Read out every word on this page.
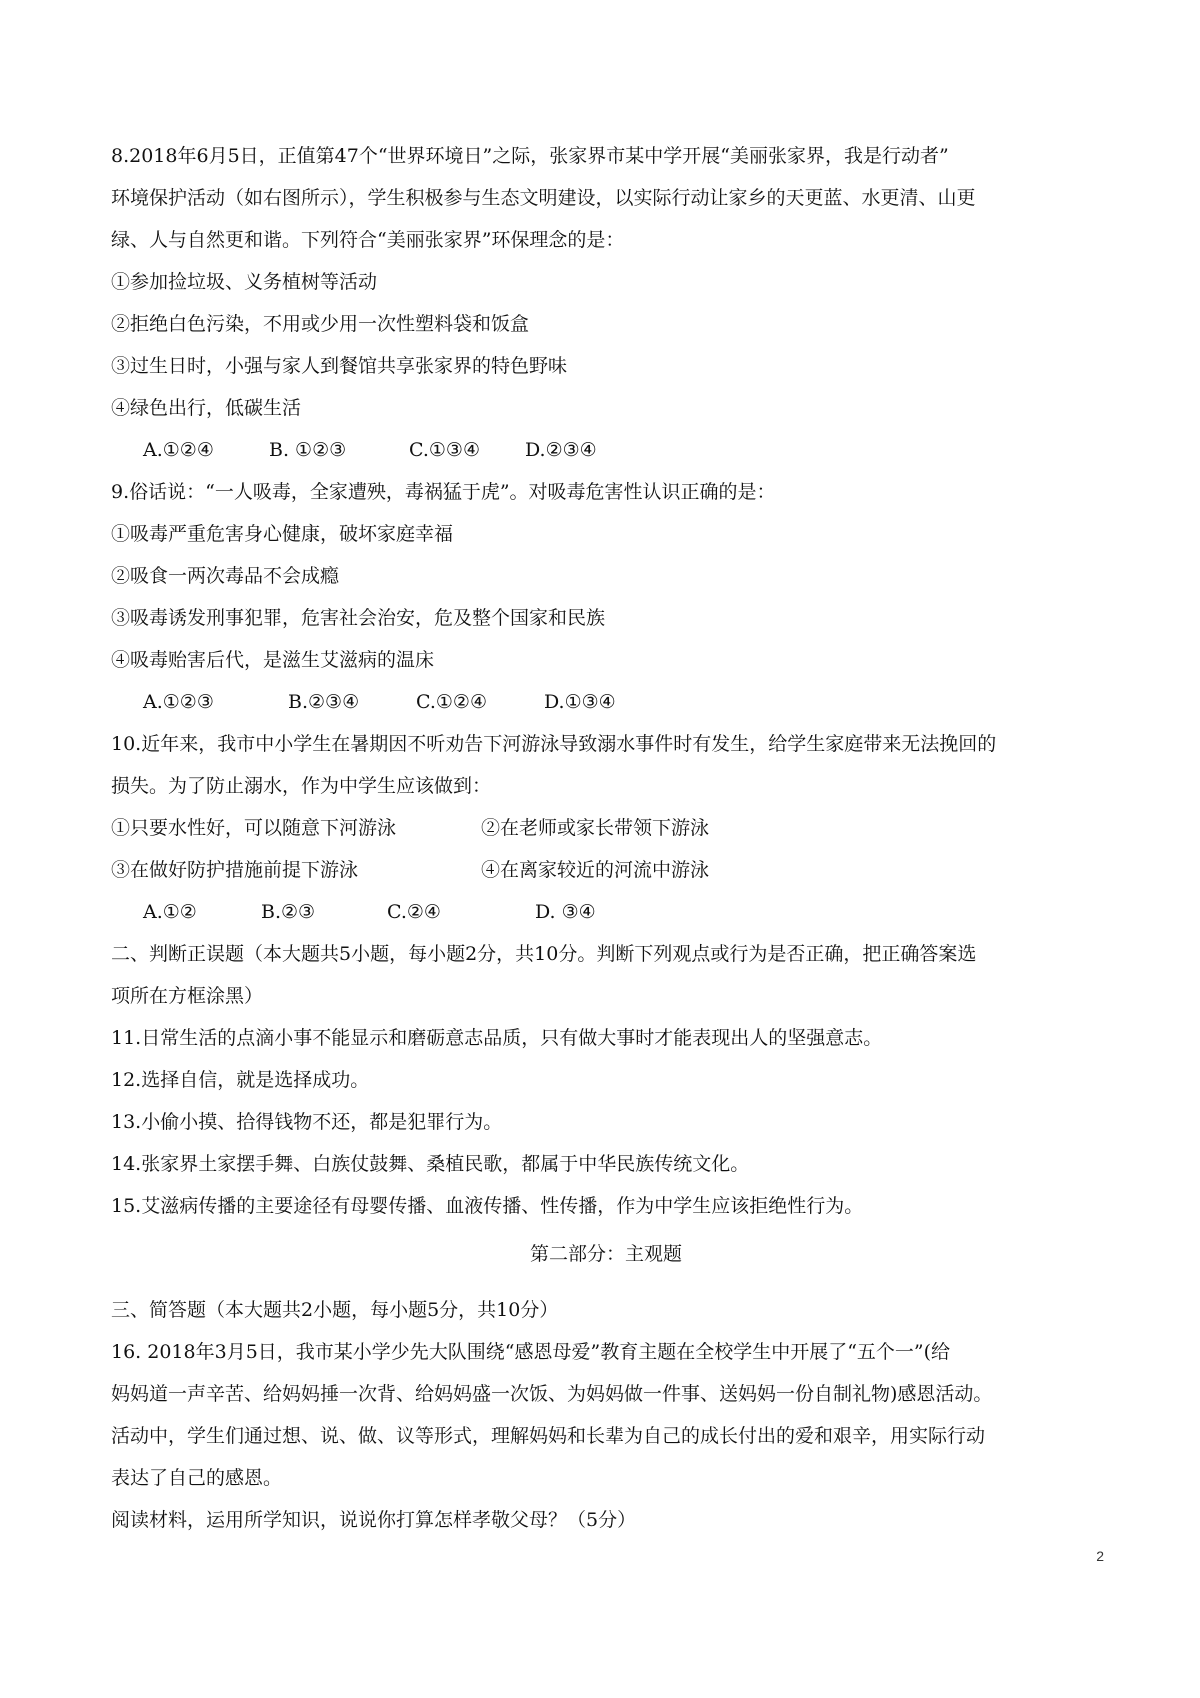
8.2018年6月5日，正值第47个“世界环境日”之际，张家界市某中学开展“美丽张家界，我是行动者”
环境保护活动（如右图所示），学生积极参与生态文明建设，以实际行动让家乡的天更蓝、水更清、山更
绿、人与自然更和谐。下列符合“美丽张家界”环保理念的是：
①参加捡垃圾、义务植树等活动
②拒绝白色污染，不用或少用一次性塑料袋和饭盒
③过生日时，小强与家人到餐馆共享张家界的特色野味
④绿色出行，低碳生活
A.①②④	B. ①②③	C.①③④	D.②③④
9.俗话说：“一人吸毒，全家遭殃，毒祸猛于虎”。对吸毒危害性认识正确的是：
①吸毒严重危害身心健康，破坏家庭幸福
②吸食一两次毒品不会成瘾
③吸毒诱发刑事犯罪，危害社会治安，危及整个国家和民族
④吸毒贻害后代，是滋生艾滋病的温床
A.①②③	B.②③④	C.①②④	D.①③④
10.近年来，我市中小学生在暑期因不听劝告下河游泳导致溺水事件时有发生，给学生家庭带来无法挽回的
损失。为了防止溺水，作为中学生应该做到：
①只要水性好，可以随意下河游泳	②在老师或家长带领下游泳
③在做好防护措施前提下游泳	④在离家较近的河流中游泳
A.①②	B.②③	C.②④	D. ③④
二、判断正误题（本大题共5小题，每小题2分，共10分。判断下列观点或行为是否正确，把正确答案选
项所在方框涂黑）
11.日常生活的点滴小事不能显示和磨砺意志品质，只有做大事时才能表现出人的坚强意志。
12.选择自信，就是选择成功。
13.小偷小摸、拾得钱物不还，都是犯罪行为。
14.张家界土家摆手舞、白族仗鼓舞、桑植民歌，都属于中华民族传统文化。
15.艾滋病传播的主要途径有母婴传播、血液传播、性传播，作为中学生应该拒绝性行为。
第二部分：主观题
三、简答题（本大题共2小题，每小题5分，共10分）
16. 2018年3月5日，我市某小学少先大队围绕“感恩母爱”教育主题在全校学生中开展了“五个一”(给
妈妈道一声辛苦、给妈妈捶一次背、给妈妈盛一次饭、为妈妈做一件事、送妈妈一份自制礼物)感恩活动。
活动中，学生们通过想、说、做、议等形式，理解妈妈和长辈为自己的成长付出的爱和艰辛，用实际行动
表达了自己的感恩。
阅读材料，运用所学知识，说说你打算怎样孝敬父母？（5分）
2
